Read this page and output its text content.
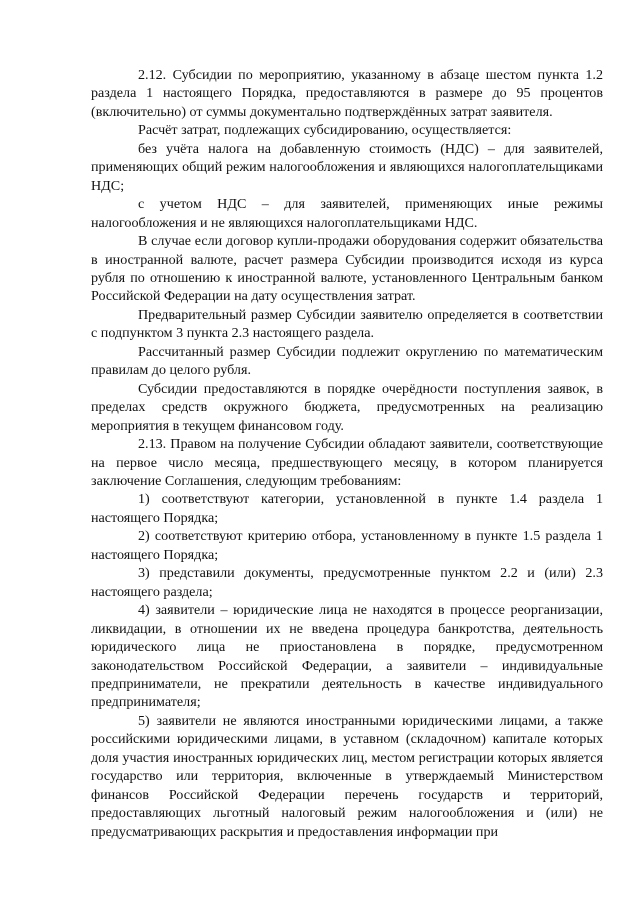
2.12. Субсидии по мероприятию, указанному в абзаце шестом пункта 1.2 раздела 1 настоящего Порядка, предоставляются в размере до 95 процентов (включительно) от суммы документально подтверждённых затрат заявителя.

Расчёт затрат, подлежащих субсидированию, осуществляется:

без учёта налога на добавленную стоимость (НДС) – для заявителей, применяющих общий режим налогообложения и являющихся налогоплательщиками НДС;

с учетом НДС – для заявителей, применяющих иные режимы налогообложения и не являющихся налогоплательщиками НДС.

В случае если договор купли-продажи оборудования содержит обязательства в иностранной валюте, расчет размера Субсидии производится исходя из курса рубля по отношению к иностранной валюте, установленного Центральным банком Российской Федерации на дату осуществления затрат.

Предварительный размер Субсидии заявителю определяется в соответствии с подпунктом 3 пункта 2.3 настоящего раздела.

Рассчитанный размер Субсидии подлежит округлению по математическим правилам до целого рубля.

Субсидии предоставляются в порядке очерёдности поступления заявок, в пределах средств окружного бюджета, предусмотренных на реализацию мероприятия в текущем финансовом году.

2.13. Правом на получение Субсидии обладают заявители, соответствующие на первое число месяца, предшествующего месяцу, в котором планируется заключение Соглашения, следующим требованиям:

1) соответствуют категории, установленной в пункте 1.4 раздела 1 настоящего Порядка;

2) соответствуют критерию отбора, установленному в пункте 1.5 раздела 1 настоящего Порядка;

3) представили документы, предусмотренные пунктом 2.2 и (или) 2.3 настоящего раздела;

4) заявители – юридические лица не находятся в процессе реорганизации, ликвидации, в отношении их не введена процедура банкротства, деятельность юридического лица не приостановлена в порядке, предусмотренном законодательством Российской Федерации, а заявители – индивидуальные предприниматели, не прекратили деятельность в качестве индивидуального предпринимателя;

5) заявители не являются иностранными юридическими лицами, а также российскими юридическими лицами, в уставном (складочном) капитале которых доля участия иностранных юридических лиц, местом регистрации которых является государство или территория, включенные в утверждаемый Министерством финансов Российской Федерации перечень государств и территорий, предоставляющих льготный налоговый режим налогообложения и (или) не предусматривающих раскрытия и предоставления информации при
